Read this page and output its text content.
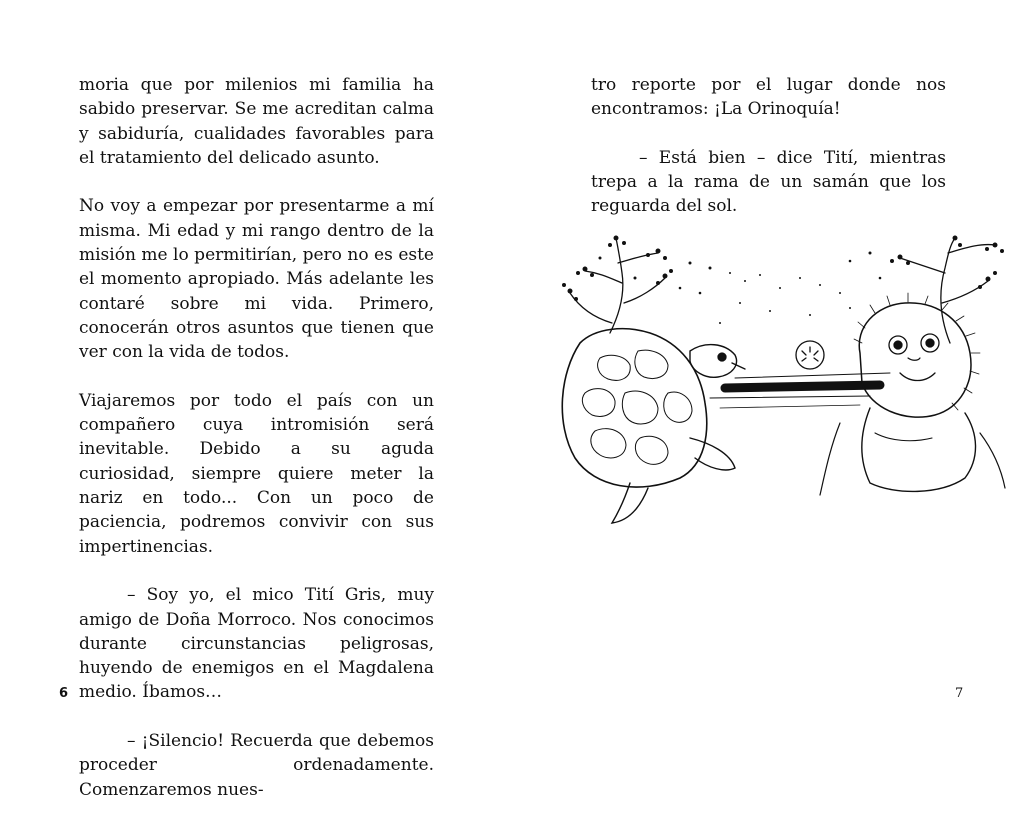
moria que por milenios mi familia ha sabido preservar. Se me acreditan calma y sabiduría, cualidades favorables para el tratamiento del delicado asunto.

No voy a empezar por presentarme a mí misma. Mi edad y mi rango dentro de la misión me lo permitirían, pero no es este el momento apropiado. Más adelante les contaré sobre mi vida. Primero, conocerán otros asuntos que tienen que ver con la vida de todos.

Viajaremos por todo el país con un compañero cuya intromisión será inevitable. Debido a su aguda curiosidad, siempre quiere meter la nariz en todo... Con un poco de paciencia, podremos convivir con sus impertinencias.

– Soy yo, el mico Tití Gris, muy amigo de Doña Morroco. Nos conocimos durante circunstancias peligrosas, huyendo de enemigos en el Magdalena medio. Íbamos…

– ¡Silencio! Recuerda que debemos proceder ordenadamente. Comenzaremos nues-

6

tro reporte por el lugar donde nos encontramos: ¡La Orinoquía!

– Está bien – dice Tití, mientras trepa a la rama de un samán que los reguarda del sol.

7
